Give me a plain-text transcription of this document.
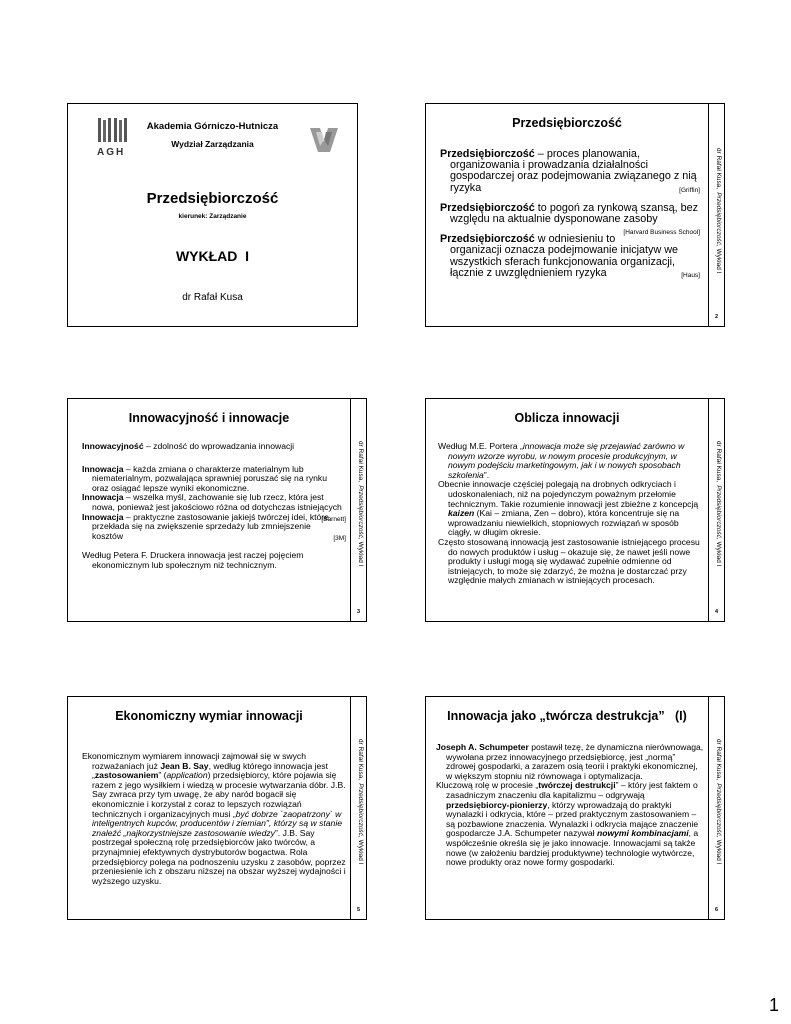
AGH
Akademia Górniczo-Hutnicza
Wydział Zarządzania
Przedsiębiorczość
kierunek: Zarządzanie
WYKŁAD  I
dr Rafał Kusa
Przedsiębiorczość

Przedsiębiorczość – proces planowania, organizowania i prowadzania działalności gospodarczej oraz podejmowania związanego z nią ryzyka	[Griffin]

Przedsiębiorczość to pogoń za rynkową szansą, bez względu na aktualnie dysponowane zasoby
[Harvard Business School]

Przedsiębiorczość w odniesieniu to organizacji oznacza podejmowanie inicjatyw we wszystkich sferach funkcjonowania organizacji, łącznie z uwzględnieniem ryzyka	[Haus]

dr Rafał Kusa,Przedsiębiorczość, Wykład I
2
Innowacyjność i innowacje

Innowacyjność – zdolność do wprowadzania innowacji

Innowacja – każda zmiana o charakterze materialnym lub niematerialnym, pozwalająca sprawniej poruszać się na rynku oraz osiągać lepsze wyniki ekonomiczne.

Innowacja – wszelka myśl, zachowanie się lub rzecz, która jest nowa, ponieważ jest jakościowo różna od dotychczas istniejących
[Barnett]

Innowacja – praktyczne zastosowanie jakiejś twórczej idei, które przekłada się na zwiększenie sprzedaży lub zmniejszenie kosztów	[3M]

Według Petera F. Druckera innowacja jest raczej pojęciem ekonomicznym lub społecznym niż technicznym.

dr Rafał Kusa,Przedsiębiorczość, Wykład I
3
Oblicza innowacji

Według M.E. Portera „innowacja może się przejawiać zarówno w nowym wzorze wyrobu, w nowym procesie produkcyjnym, w nowym podejściu marketingowym, jak i w nowych sposobach szkolenia”.

Obecnie innowacje częściej polegają na drobnych odkryciach i udoskonaleniach, niż na pojedynczym poważnym przełomie technicznym. Takie rozumienie innowacji jest zbieżne z koncepcją kaizen (Kai – zmiana, Zen – dobro), która koncentruje się na wprowadzaniu niewielkich, stopniowych rozwiązań w sposób ciągły, w długim okresie.

Często stosowaną innowacją jest zastosowanie istniejącego procesu do nowych produktów i usług – okazuje się, że nawet jeśli nowe produkty i usługi mogą się wydawać zupełnie odmienne od istniejących, to może się zdarzyć, że można je dostarczać przy względnie małych zmianach w istniejących procesach.

dr Rafał Kusa,Przedsiębiorczość, Wykład I
4
Ekonomiczny wymiar innowacji

Ekonomicznym wymiarem innowacji zajmował się w swych rozważaniach już Jean B. Say, według którego innowacja jest „zastosowaniem” (application) przedsiębiorcy, które pojawia się razem z jego wysiłkiem i wiedzą w procesie wytwarzania dóbr. J.B. Say zwraca przy tym uwagę, że aby naród bogacił się ekonomicznie i korzystał z coraz to lepszych rozwiązań technicznych i organizacyjnych musi „być dobrze `zaopatrzony` w inteligentnych kupców, producentów i ziemian", którzy są w stanie znaleźć „najkorzystniejsze zastosowanie wiedzy”. J.B. Say postrzegał społeczną rolę przedsiębiorców jako twórców, a przynajmniej efektywnych dystrybutorów bogactwa. Rola przedsiębiorcy polega na podnoszeniu uzysku z zasobów, poprzez przeniesienie ich z obszaru niższej na obszar wyższej wydajności i wyższego uzysku.

dr Rafał Kusa,Przedsiębiorczość, Wykład I
5
Innowacja jako „twórcza destrukcja”   (I)

Joseph A. Schumpeter postawił tezę, że dynamiczna nierównowaga, wywołana przez innowacyjnego przedsiębiorcę, jest „normą” zdrowej gospodarki, a zarazem osią teorii i praktyki ekonomicznej, w większym stopniu niż równowaga i optymalizacja.

Kluczową rolę w procesie „twórczej destrukcji” – który jest faktem o zasadniczym znaczeniu dla kapitalizmu – odgrywają przedsiębiorcy-pionierzy, którzy wprowadzają do praktyki wynalazki i odkrycia, które – przed praktycznym zastosowaniem – są pozbawione znaczenia. Wynalazki i odkrycia mające znaczenie gospodarcze J.A. Schumpeter nazywał nowymi kombinacjami, a współcześnie określa się je jako innowacje. Innowacjami są także nowe (w założeniu bardziej produktywne) technologie wytwórcze, nowe produkty oraz nowe formy gospodarki.

dr Rafał Kusa,Przedsiębiorczość, Wykład I
6
1
